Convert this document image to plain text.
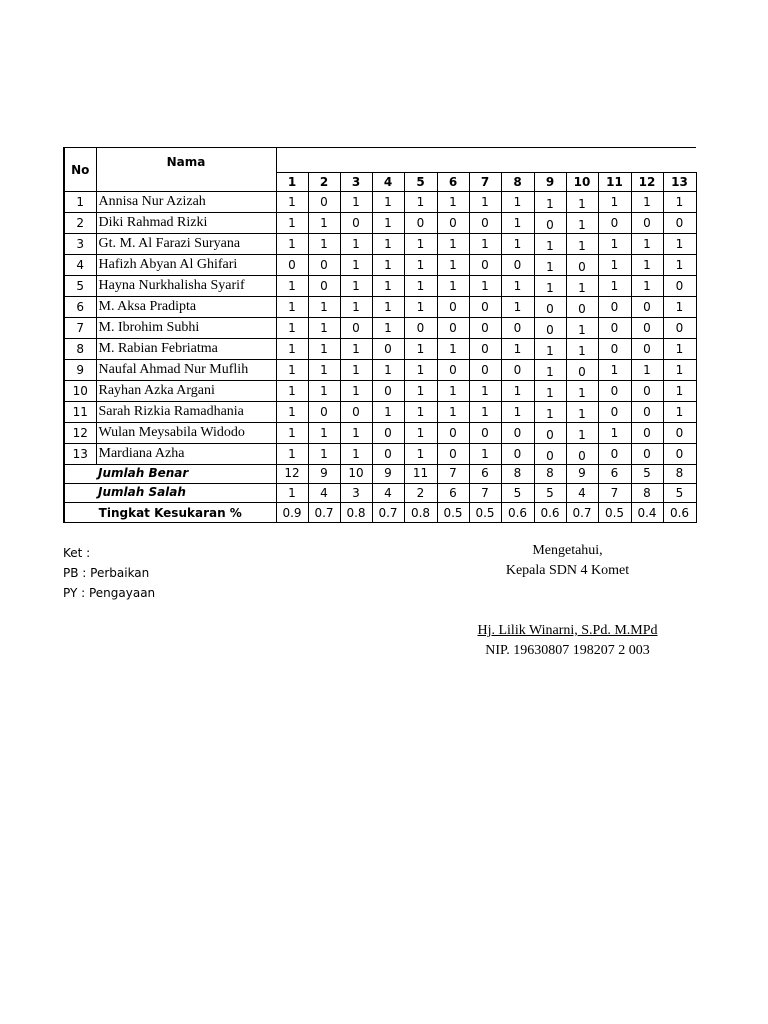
No	Nama													
		1	2	3	4	5	6	7	8	9	10	11	12	13
1	Annisa Nur Azizah	1	0	1	1	1	1	1	1	1	1	1	1	1
2	Diki Rahmad Rizki	1	1	0	1	0	0	0	1	0	1	0	0	0
3	Gt. M. Al Farazi Suryana	1	1	1	1	1	1	1	1	1	1	1	1	1
4	Hafizh Abyan Al Ghifari	0	0	1	1	1	1	0	0	1	0	1	1	1
5	Hayna Nurkhalisha Syarif	1	0	1	1	1	1	1	1	1	1	1	1	0
6	M. Aksa Pradipta	1	1	1	1	1	0	0	1	0	0	0	0	1
7	M. Ibrohim Subhi	1	1	0	1	0	0	0	0	0	1	0	0	0
8	M. Rabian Febriatma	1	1	1	0	1	1	0	1	1	1	0	0	1
9	Naufal Ahmad Nur Muflih	1	1	1	1	1	0	0	0	1	0	1	1	1
10	Rayhan Azka Argani	1	1	1	0	1	1	1	1	1	1	0	0	1
11	Sarah Rizkia Ramadhania	1	0	0	1	1	1	1	1	1	1	0	0	1
12	Wulan Meysabila Widodo	1	1	1	0	1	0	0	0	0	1	1	0	0
13	Mardiana Azha	1	1	1	0	1	0	1	0	0	0	0	0	0
Jumlah Benar		12	9	10	9	11	7	6	8	8	9	6	5	8
Jumlah Salah		1	4	3	4	2	6	7	5	5	4	7	8	5
Tingkat Kesukaran %		0.9	0.7	0.8	0.7	0.8	0.5	0.5	0.6	0.6	0.7	0.5	0.4	0.6
Ket :
PB : Perbaikan
PY : Pengayaan
Mengetahui,
Kepala SDN 4 Komet
Hj. Lilik Winarni, S.Pd. M.MPd
NIP. 19630807 198207 2 003
